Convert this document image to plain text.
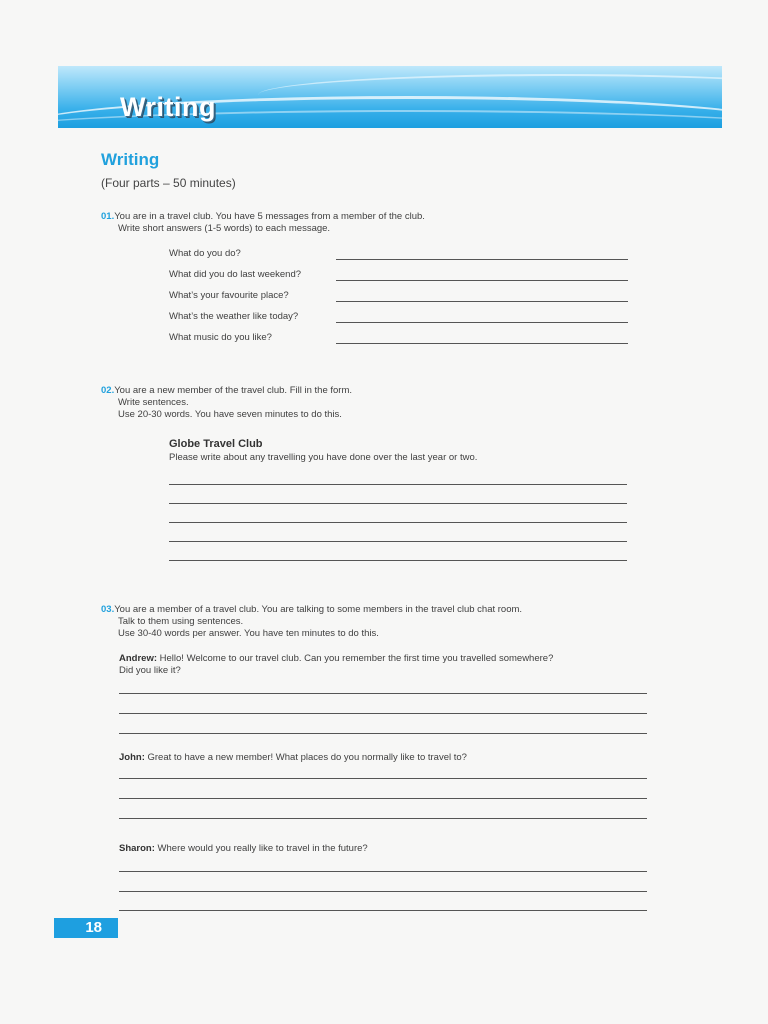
Writing
Writing
(Four parts – 50 minutes)
01.You are in a travel club. You have 5 messages from a member of the club.
Write short answers (1-5 words) to each message.
What do you do?
What did you do last weekend?
What’s your favourite place?
What’s the weather like today?
What music do you like?
02.You are a new member of the travel club. Fill in the form.
Write sentences.
Use 20-30 words. You have seven minutes to do this.
Globe Travel Club
Please write about any travelling you have done over the last year or two.
03.You are a member of a travel club. You are talking to some members in the travel club chat room.
Talk to them using sentences.
Use 30-40 words per answer. You have ten minutes to do this.
Andrew: Hello! Welcome to our travel club. Can you remember the first time you travelled somewhere?
Did you like it?
John: Great to have a new member! What places do you normally like to travel to?
Sharon: Where would you really like to travel in the future?
18
